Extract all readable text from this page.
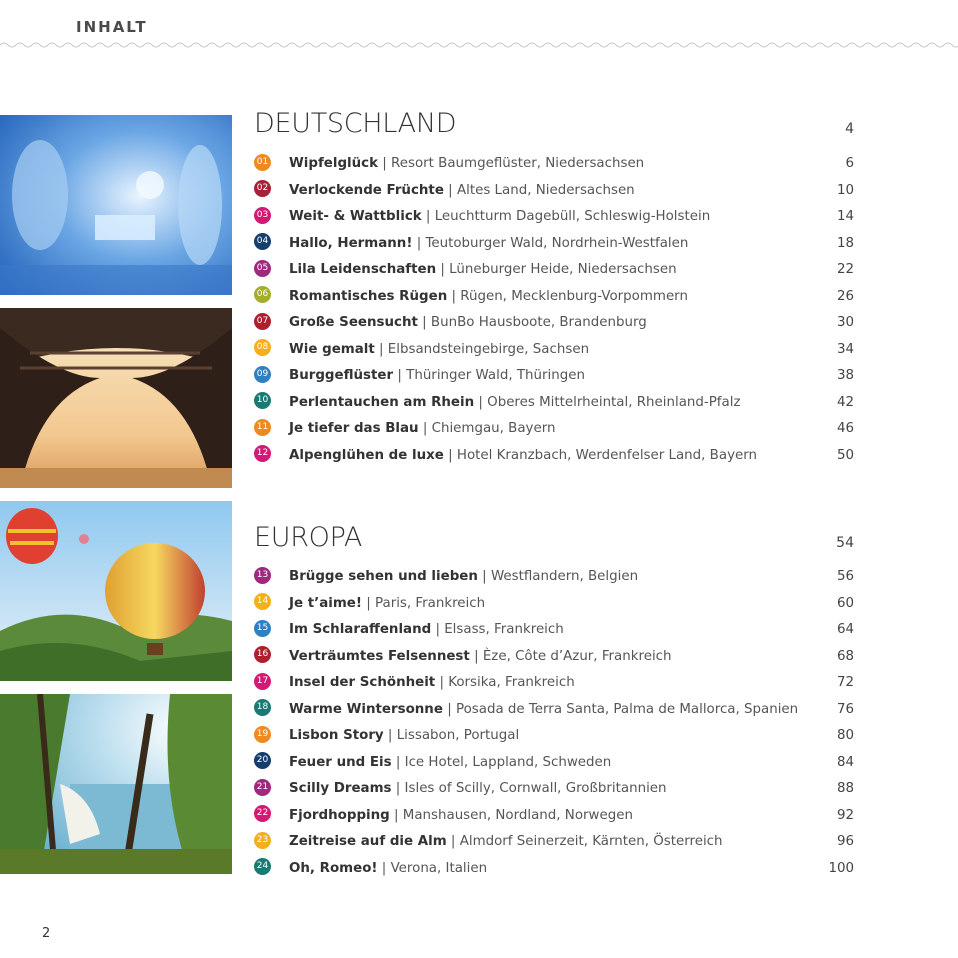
INHALT
DEUTSCHLAND	4
01 Wipfelglück | Resort Baumgeflüster, Niedersachsen	6
02 Verlockende Früchte | Altes Land, Niedersachsen	10
03 Weit- & Wattblick | Leuchtturm Dagebüll, Schleswig-Holstein	14
04 Hallo, Hermann! | Teutoburger Wald, Nordrhein-Westfalen	18
05 Lila Leidenschaften | Lüneburger Heide, Niedersachsen	22
06 Romantisches Rügen | Rügen, Mecklenburg-Vorpommern	26
07 Große Seensucht | BunBo Hausboote, Brandenburg	30
08 Wie gemalt | Elbsandsteingebirge, Sachsen	34
09 Burggeflüster | Thüringer Wald, Thüringen	38
10 Perlentauchen am Rhein | Oberes Mittelrheintal, Rheinland-Pfalz	42
11 Je tiefer das Blau | Chiemgau, Bayern	46
12 Alpenglühen de luxe | Hotel Kranzbach, Werdenfelser Land, Bayern	50
EUROPA	54
13 Brügge sehen und lieben | Westflandern, Belgien	56
14 Je t’aime! | Paris, Frankreich	60
15 Im Schlaraffenland | Elsass, Frankreich	64
16 Verträumtes Felsennest | Èze, Côte d’Azur, Frankreich	68
17 Insel der Schönheit | Korsika, Frankreich	72
18 Warme Wintersonne | Posada de Terra Santa, Palma de Mallorca, Spanien	76
19 Lisbon Story | Lissabon, Portugal	80
20 Feuer und Eis | Ice Hotel, Lappland, Schweden	84
21 Scilly Dreams | Isles of Scilly, Cornwall, Großbritannien	88
22 Fjordhopping | Manshausen, Nordland, Norwegen	92
23 Zeitreise auf die Alm | Almdorf Seinerzeit, Kärnten, Österreich	96
24 Oh, Romeo! | Verona, Italien	100
2
